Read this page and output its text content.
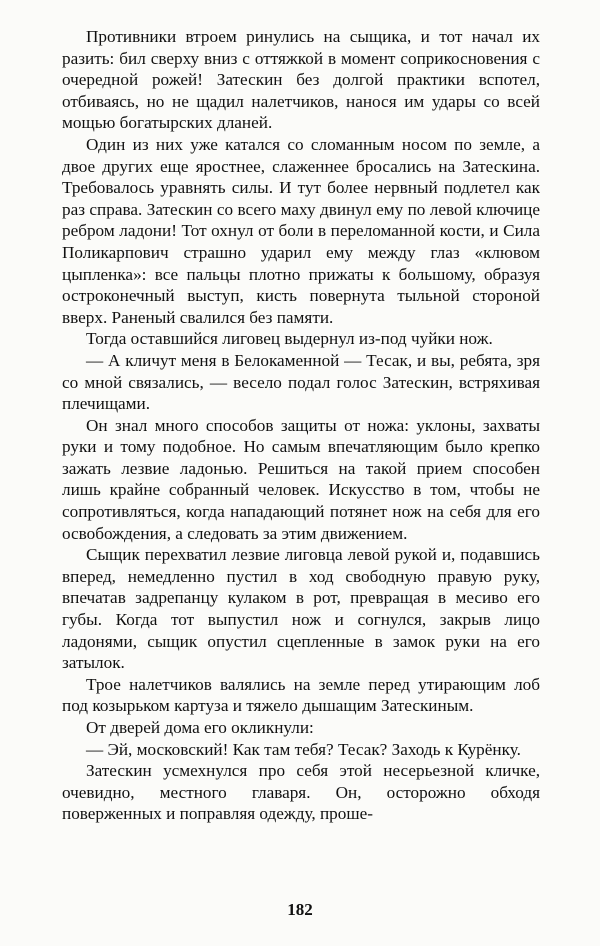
Противники втроем ринулись на сыщика, и тот начал их разить: бил сверху вниз с оттяжкой в момент соприкосновения с очередной рожей! Затескин без долгой практики вспотел, отбиваясь, но не щадил налетчиков, нанося им удары со всей мощью богатырских дланей.

Один из них уже катался со сломанным носом по земле, а двое других еще яростнее, слаженнее бросались на Затескина. Требовалось уравнять силы. И тут более нервный подлетел как раз справа. Затескин со всего маху двинул ему по левой ключице ребром ладони! Тот охнул от боли в переломанной кости, и Сила Поликарпович страшно ударил ему между глаз «клювом цыпленка»: все пальцы плотно прижаты к большому, образуя остроконечный выступ, кисть повернута тыльной стороной вверх. Раненый свалился без памяти.

Тогда оставшийся лиговец выдернул из-под чуйки нож.

— А кличут меня в Белокаменной — Тесак, и вы, ребята, зря со мной связались, — весело подал голос Затескин, встряхивая плечищами.

Он знал много способов защиты от ножа: уклоны, захваты руки и тому подобное. Но самым впечатляющим было крепко зажать лезвие ладонью. Решиться на такой прием способен лишь крайне собранный человек. Искусство в том, чтобы не сопротивляться, когда нападающий потянет нож на себя для его освобождения, а следовать за этим движением.

Сыщик перехватил лезвие лиговца левой рукой и, подавшись вперед, немедленно пустил в ход свободную правую руку, впечатав задрепанцу кулаком в рот, превращая в месиво его губы. Когда тот выпустил нож и согнулся, закрыв лицо ладонями, сыщик опустил сцепленные в замок руки на его затылок.

Трое налетчиков валялись на земле перед утирающим лоб под козырьком картуза и тяжело дышащим Затескиным.

От дверей дома его окликнули:

— Эй, московский! Как там тебя? Тесак? Заходь к Курёнку.

Затескин усмехнулся про себя этой несерьезной кличке, очевидно, местного главаря. Он, осторожно обходя поверженных и поправляя одежду, проше-

182
